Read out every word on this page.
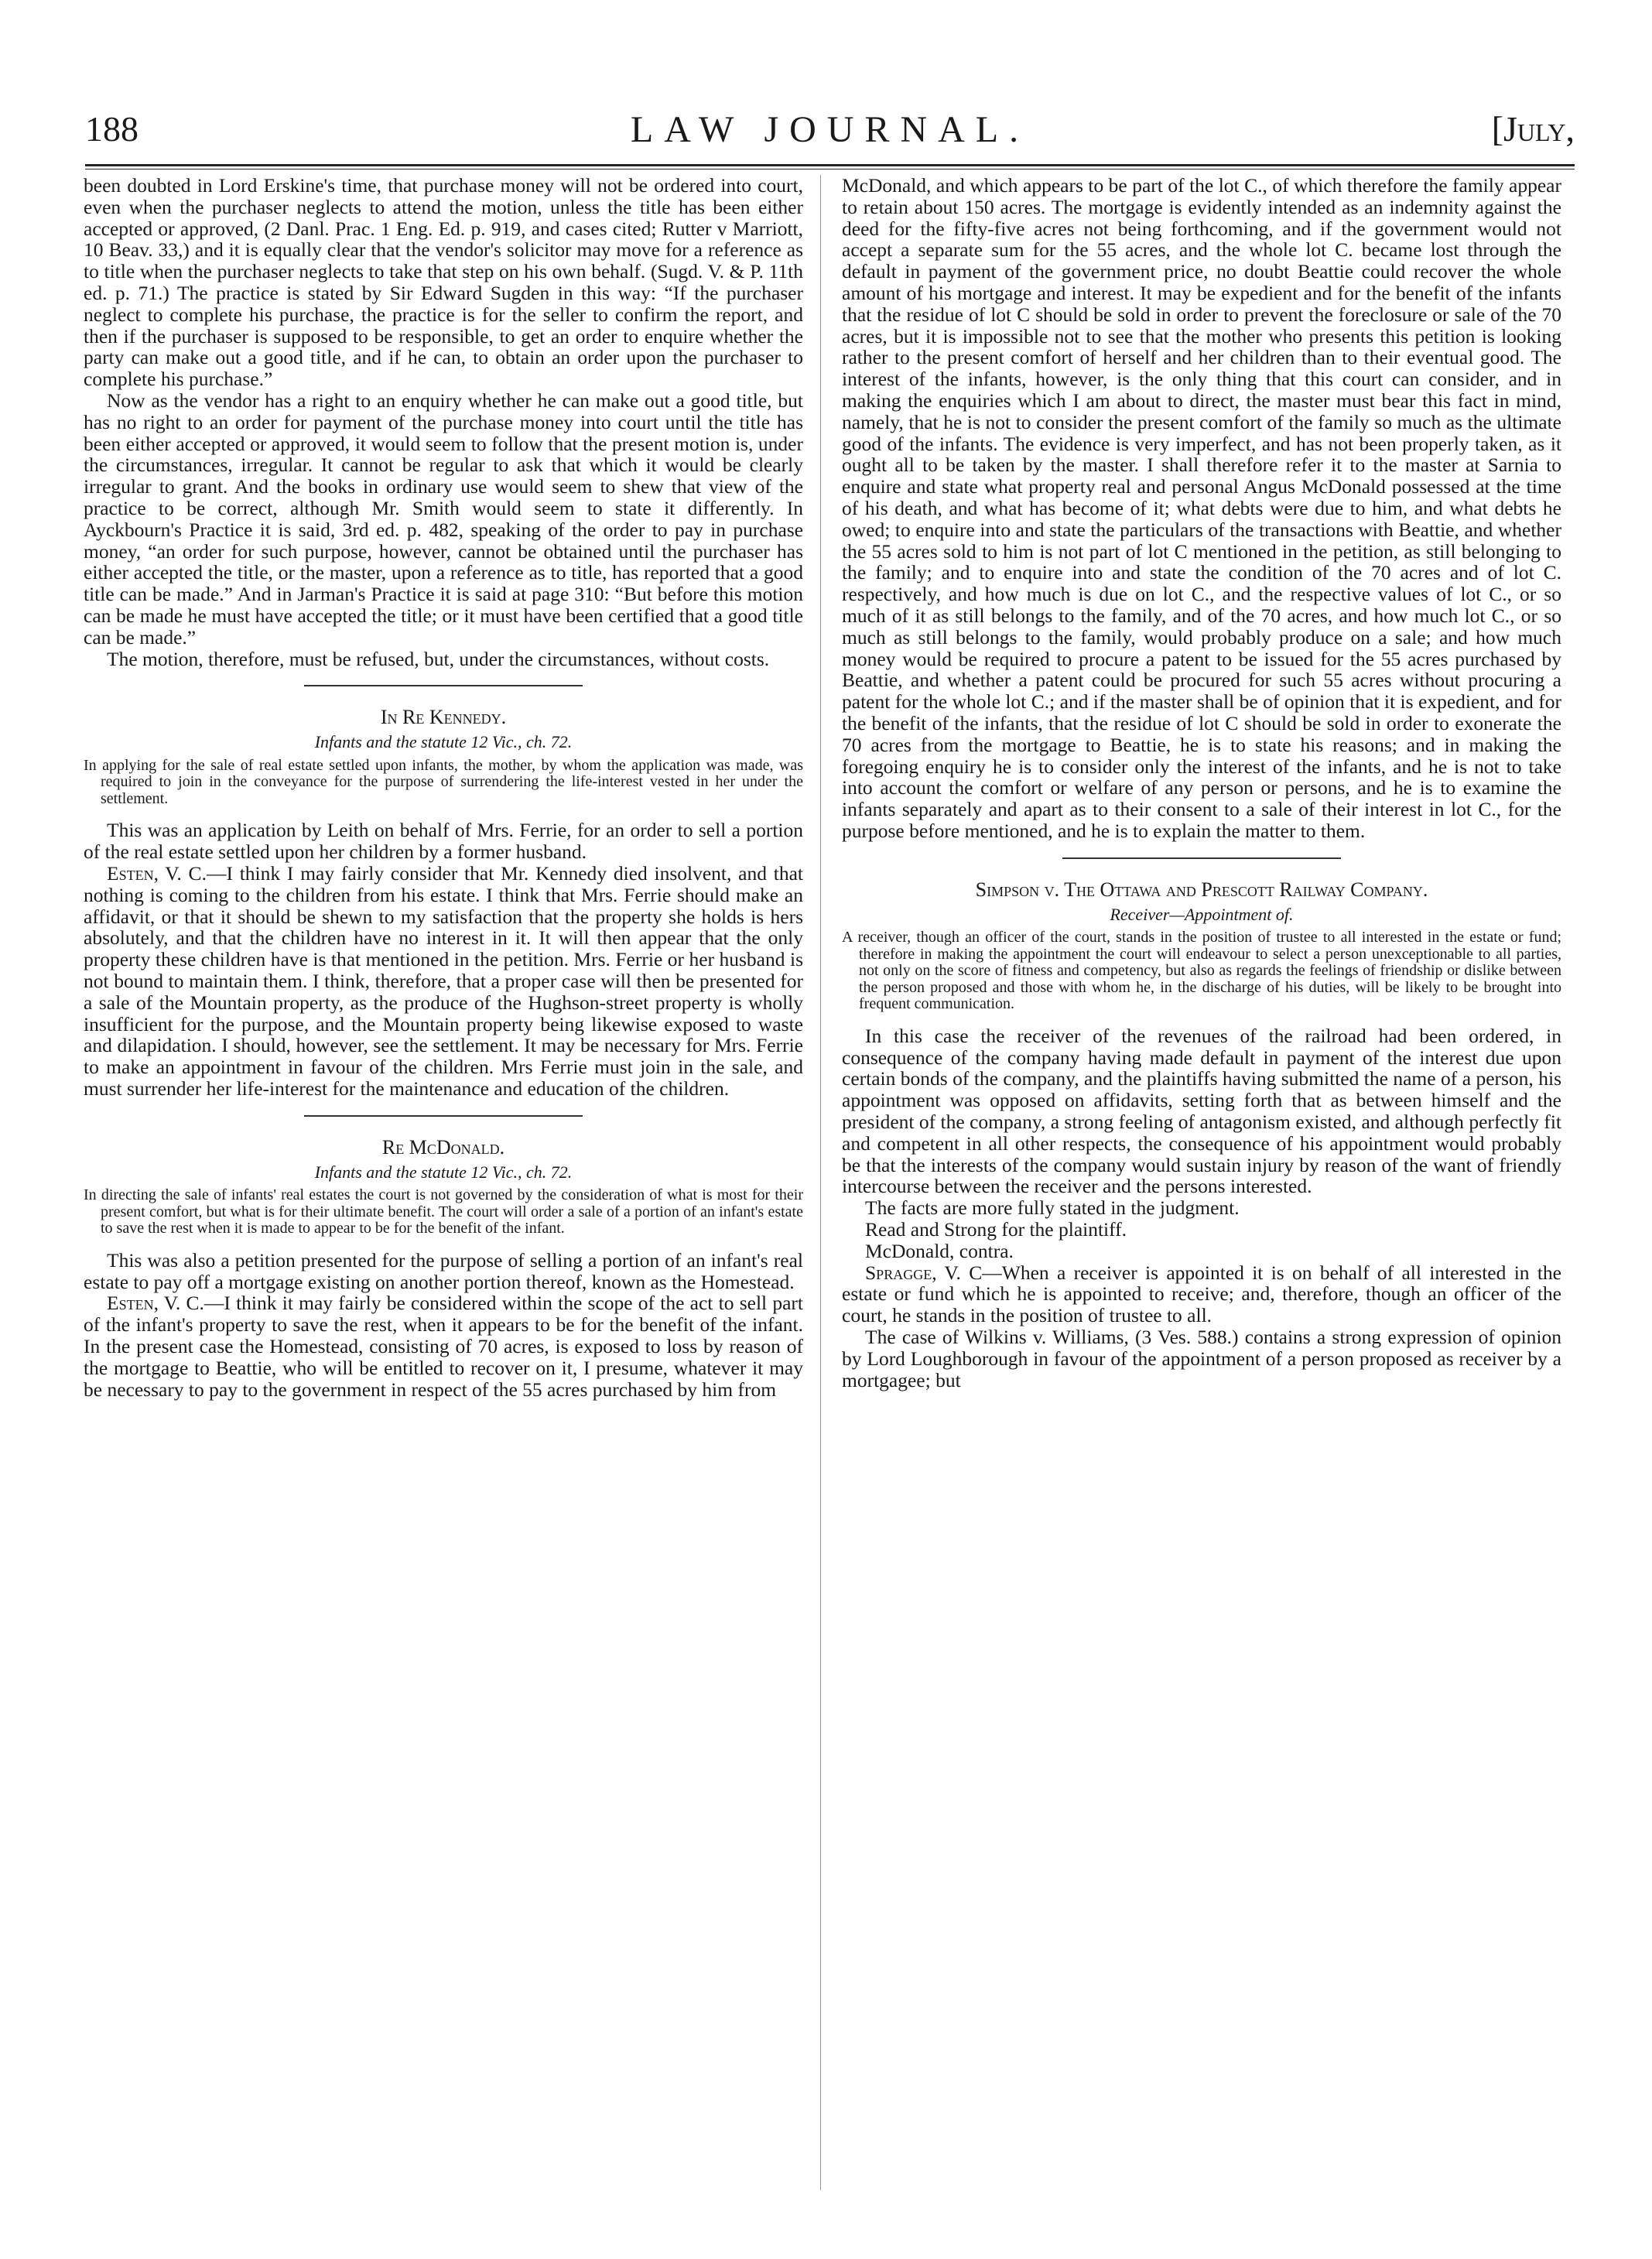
188	LAW JOURNAL.	[July,

been doubted in Lord Erskine's time, that purchase money will not be ordered into court, even when the purchaser neglects to attend the motion, unless the title has been either accepted or approved, (2 Danl. Prac. 1 Eng. Ed. p. 919, and cases cited; Rutter v Marriott, 10 Beav. 33,) and it is equally clear that the vendor's solicitor may move for a reference as to title when the purchaser neglects to take that step on his own behalf. (Sugd. V. & P. 11th ed. p. 71.) The practice is stated by Sir Edward Sugden in this way: “If the purchaser neglect to complete his purchase, the practice is for the seller to confirm the report, and then if the purchaser is supposed to be responsible, to get an order to enquire whether the party can make out a good title, and if he can, to obtain an order upon the purchaser to complete his purchase.”

Now as the vendor has a right to an enquiry whether he can make out a good title, but has no right to an order for payment of the purchase money into court until the title has been either accepted or approved, it would seem to follow that the present motion is, under the circumstances, irregular. It cannot be regular to ask that which it would be clearly irregular to grant. And the books in ordinary use would seem to shew that view of the practice to be correct, although Mr. Smith would seem to state it differently. In Ayckbourn's Practice it is said, 3rd ed. p. 482, speaking of the order to pay in purchase money, “an order for such purpose, however, cannot be obtained until the purchaser has either accepted the title, or the master, upon a reference as to title, has reported that a good title can be made.” And in Jarman's Practice it is said at page 310: “But before this motion can be made he must have accepted the title; or it must have been certified that a good title can be made.”

The motion, therefore, must be refused, but, under the circumstances, without costs.

In Re Kennedy.
Infants and the statute 12 Vic., ch. 72.

In applying for the sale of real estate settled upon infants, the mother, by whom the application was made, was required to join in the conveyance for the purpose of surrendering the life-interest vested in her under the settlement.

This was an application by Leith on behalf of Mrs. Ferrie, for an order to sell a portion of the real estate settled upon her children by a former husband.

Esten, V. C.—I think I may fairly consider that Mr. Kennedy died insolvent, and that nothing is coming to the children from his estate. I think that Mrs. Ferrie should make an affidavit, or that it should be shewn to my satisfaction that the property she holds is hers absolutely, and that the children have no interest in it. It will then appear that the only property these children have is that mentioned in the petition. Mrs. Ferrie or her husband is not bound to maintain them. I think, therefore, that a proper case will then be presented for a sale of the Mountain property, as the produce of the Hughson-street property is wholly insufficient for the purpose, and the Mountain property being likewise exposed to waste and dilapidation. I should, however, see the settlement. It may be necessary for Mrs. Ferrie to make an appointment in favour of the children. Mrs Ferrie must join in the sale, and must surrender her life-interest for the maintenance and education of the children.

Re McDonald.
Infants and the statute 12 Vic., ch. 72.

In directing the sale of infants' real estates the court is not governed by the consideration of what is most for their present comfort, but what is for their ultimate benefit. The court will order a sale of a portion of an infant's estate to save the rest when it is made to appear to be for the benefit of the infant.

This was also a petition presented for the purpose of selling a portion of an infant's real estate to pay off a mortgage existing on another portion thereof, known as the Homestead.

Esten, V. C.—I think it may fairly be considered within the scope of the act to sell part of the infant's property to save the rest, when it appears to be for the benefit of the infant. In the present case the Homestead, consisting of 70 acres, is exposed to loss by reason of the mortgage to Beattie, who will be entitled to recover on it, I presume, whatever it may be necessary to pay to the government in respect of the 55 acres purchased by him from

McDonald, and which appears to be part of the lot C., of which therefore the family appear to retain about 150 acres. The mortgage is evidently intended as an indemnity against the deed for the fifty-five acres not being forthcoming, and if the government would not accept a separate sum for the 55 acres, and the whole lot C. became lost through the default in payment of the government price, no doubt Beattie could recover the whole amount of his mortgage and interest. It may be expedient and for the benefit of the infants that the residue of lot C should be sold in order to prevent the foreclosure or sale of the 70 acres, but it is impossible not to see that the mother who presents this petition is looking rather to the present comfort of herself and her children than to their eventual good. The interest of the infants, however, is the only thing that this court can consider, and in making the enquiries which I am about to direct, the master must bear this fact in mind, namely, that he is not to consider the present comfort of the family so much as the ultimate good of the infants. The evidence is very imperfect, and has not been properly taken, as it ought all to be taken by the master. I shall therefore refer it to the master at Sarnia to enquire and state what property real and personal Angus McDonald possessed at the time of his death, and what has become of it; what debts were due to him, and what debts he owed; to enquire into and state the particulars of the transactions with Beattie, and whether the 55 acres sold to him is not part of lot C mentioned in the petition, as still belonging to the family; and to enquire into and state the condition of the 70 acres and of lot C. respectively, and how much is due on lot C., and the respective values of lot C., or so much of it as still belongs to the family, and of the 70 acres, and how much lot C., or so much as still belongs to the family, would probably produce on a sale; and how much money would be required to procure a patent to be issued for the 55 acres purchased by Beattie, and whether a patent could be procured for such 55 acres without procuring a patent for the whole lot C.; and if the master shall be of opinion that it is expedient, and for the benefit of the infants, that the residue of lot C should be sold in order to exonerate the 70 acres from the mortgage to Beattie, he is to state his reasons; and in making the foregoing enquiry he is to consider only the interest of the infants, and he is not to take into account the comfort or welfare of any person or persons, and he is to examine the infants separately and apart as to their consent to a sale of their interest in lot C., for the purpose before mentioned, and he is to explain the matter to them.

Simpson v. The Ottawa and Prescott Railway Company.
Receiver—Appointment of.

A receiver, though an officer of the court, stands in the position of trustee to all interested in the estate or fund; therefore in making the appointment the court will endeavour to select a person unexceptionable to all parties, not only on the score of fitness and competency, but also as regards the feelings of friendship or dislike between the person proposed and those with whom he, in the discharge of his duties, will be likely to be brought into frequent communication.

In this case the receiver of the revenues of the railroad had been ordered, in consequence of the company having made default in payment of the interest due upon certain bonds of the company, and the plaintiffs having submitted the name of a person, his appointment was opposed on affidavits, setting forth that as between himself and the president of the company, a strong feeling of antagonism existed, and although perfectly fit and competent in all other respects, the consequence of his appointment would probably be that the interests of the company would sustain injury by reason of the want of friendly intercourse between the receiver and the persons interested.

The facts are more fully stated in the judgment.

Read and Strong for the plaintiff.

McDonald, contra.

Spragge, V. C—When a receiver is appointed it is on behalf of all interested in the estate or fund which he is appointed to receive; and, therefore, though an officer of the court, he stands in the position of trustee to all.

The case of Wilkins v. Williams, (3 Ves. 588.) contains a strong expression of opinion by Lord Loughborough in favour of the appointment of a person proposed as receiver by a mortgagee; but
